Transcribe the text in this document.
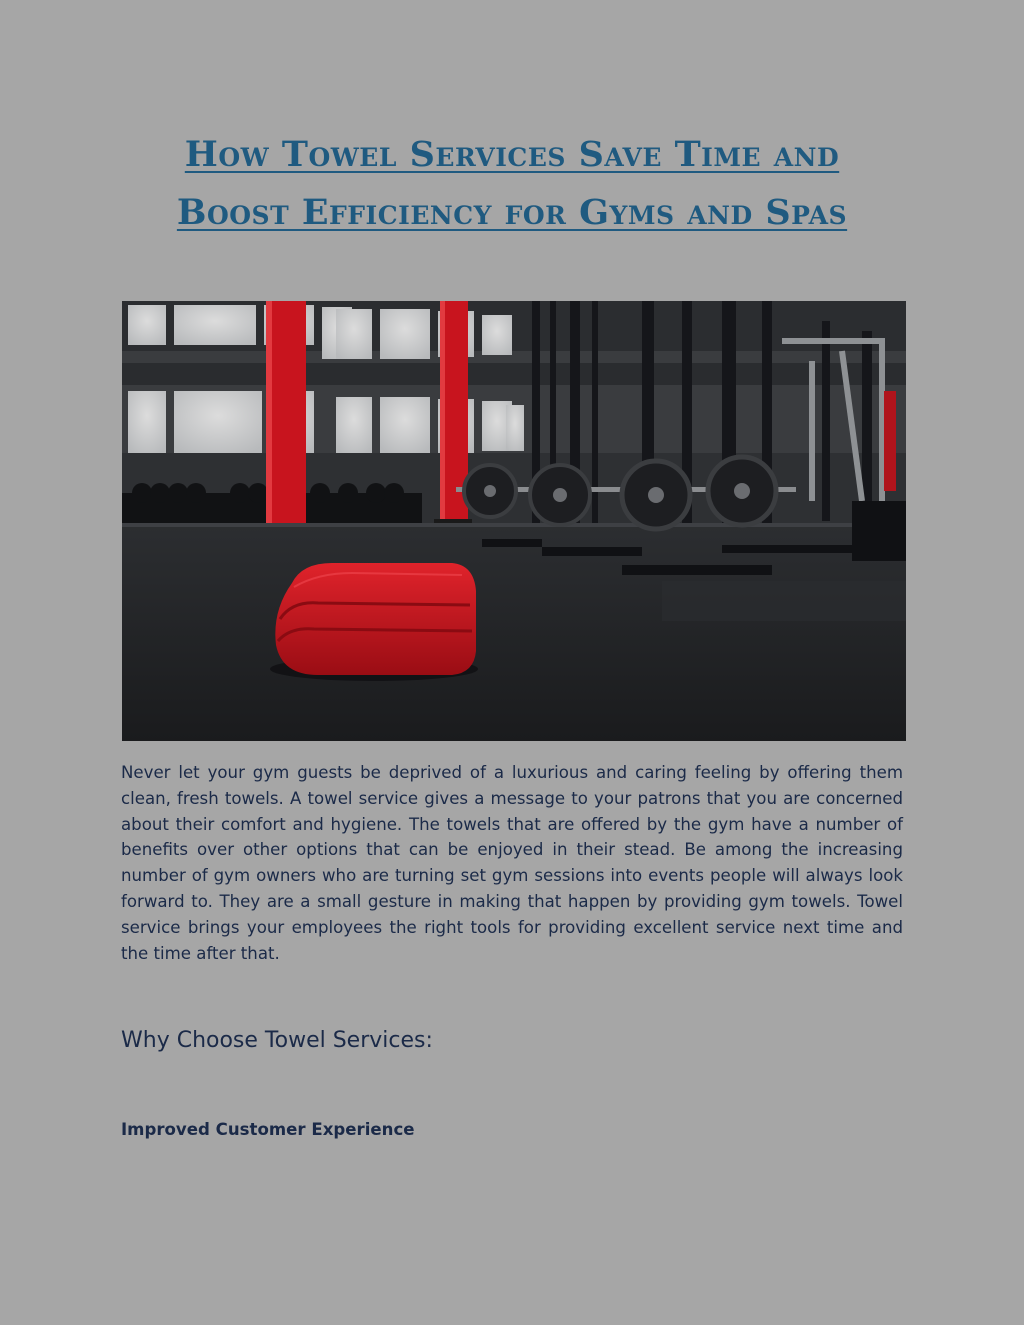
How Towel Services Save Time and
Boost Efficiency for Gyms and Spas

Never let your gym guests be deprived of a luxurious and caring feeling by offering them clean, fresh towels. A towel service gives a message to your patrons that you are concerned about their comfort and hygiene. The towels that are offered by the gym have a number of benefits over other options that can be enjoyed in their stead. Be among the increasing number of gym owners who are turning set gym sessions into events people will always look forward to. They are a small gesture in making that happen by providing gym towels. Towel service brings your employees the right tools for providing excellent service next time and the time after that.

Why Choose Towel Services:
Improved Customer Experience
